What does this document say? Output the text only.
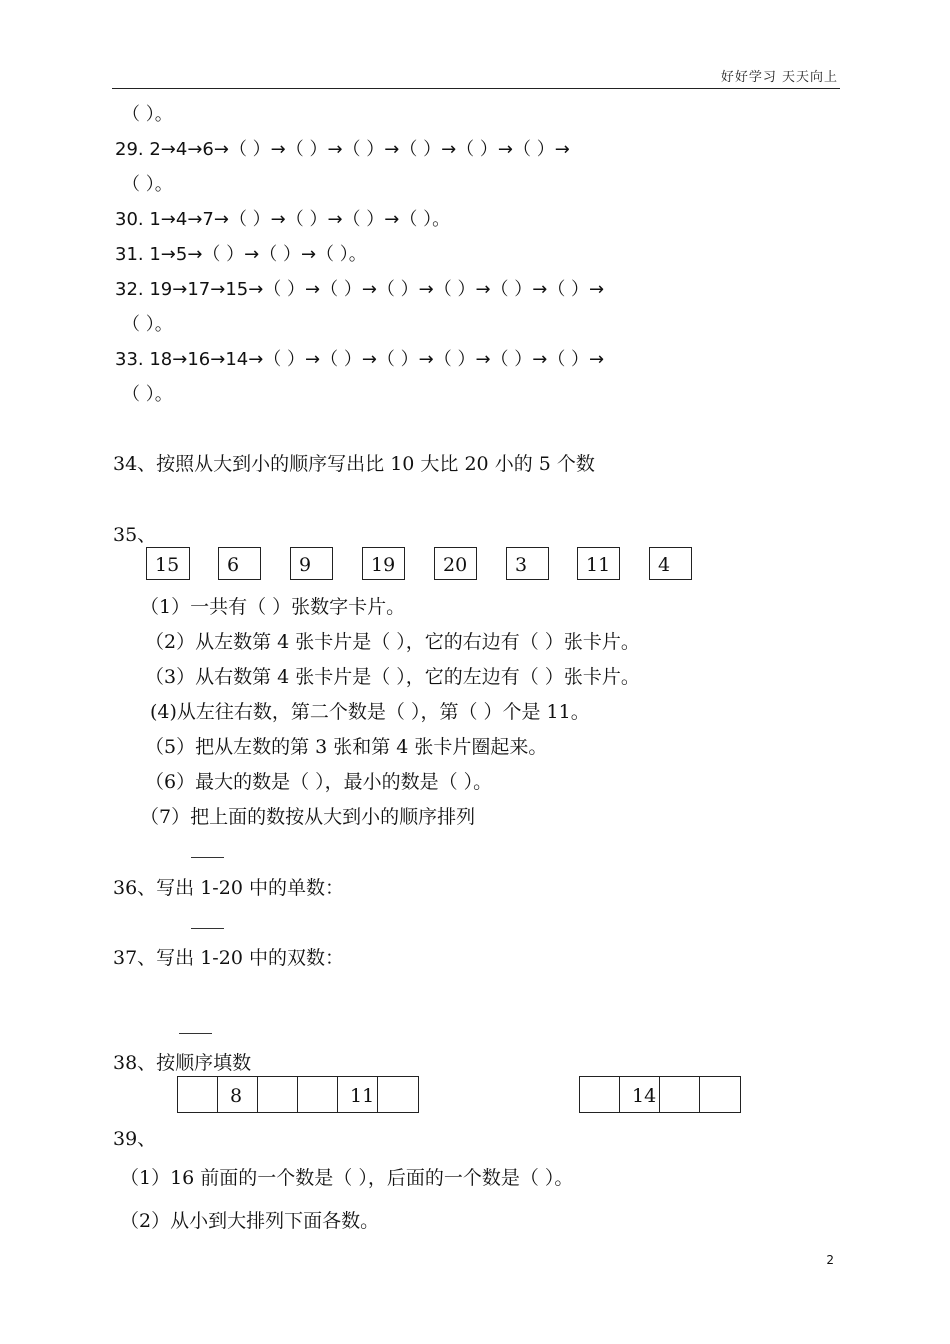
好好学习 天天向上
（ ）。
29. 2→4→6→（ ）→（ ）→（ ）→（ ）→（ ）→（ ）→
（ ）。
30. 1→4→7→（ ）→（ ）→（ ）→（ ）。
31. 1→5→（ ）→（ ）→（ ）。
32. 19→17→15→（ ）→（ ）→（ ）→（ ）→（ ）→（ ）→
（ ）。
33. 18→16→14→（ ）→（ ）→（ ）→（ ）→（ ）→（ ）→
（ ）。
34、按照从大到小的顺序写出比 10 大比 20 小的 5 个数
35、
15	6	9	19	20	3	11	4
（1）一共有（ ）张数字卡片。
（2）从左数第 4 张卡片是（ ），它的右边有（ ）张卡片。
（3）从右数第 4 张卡片是（ ），它的左边有（ ）张卡片。
(4)从左往右数，第二个数是（ ），第（ ）个是 11。
（5）把从左数的第 3 张和第 4 张卡片圈起来。
（6）最大的数是（ ），最小的数是（ ）。
（7）把上面的数按从大到小的顺序排列
36、写出 1-20 中的单数：
37、写出 1-20 中的双数：
38、按顺序填数
8	11	14
39、
（1）16 前面的一个数是（ ），后面的一个数是（ ）。
（2）从小到大排列下面各数。
2
